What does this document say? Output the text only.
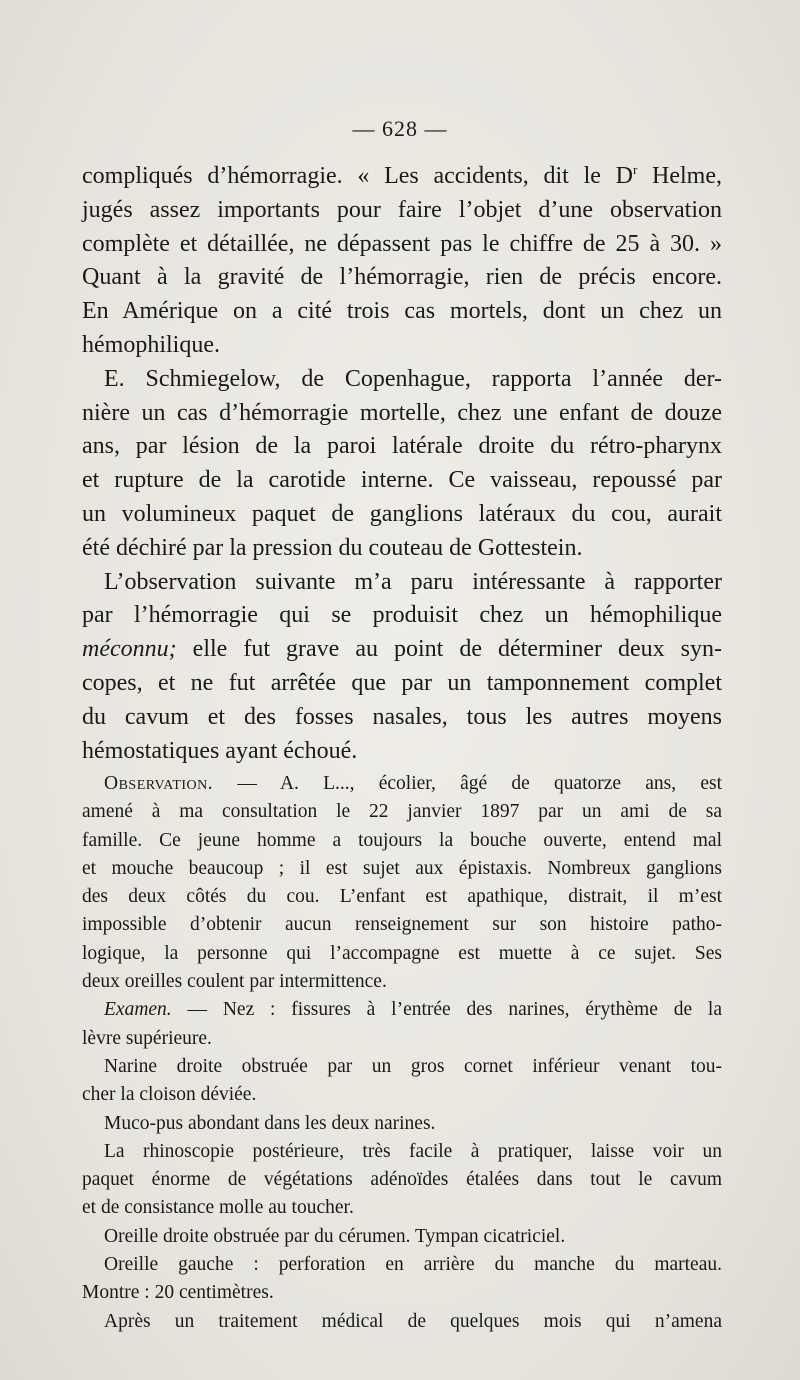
— 628 —

compliqués d’hémorragie. « Les accidents, dit le $D^r$ Helme,
jugés assez importants pour faire l’objet d’une observation
complète et détaillée, ne dépassent pas le chiffre de 25 à 30. »
Quant à la gravité de l’hémorragie, rien de précis encore.
En Amérique on a cité trois cas mortels, dont un chez un
hémophilique.

E. Schmiegelow, de Copenhague, rapporta l’année der-
nière un cas d’hémorragie mortelle, chez une enfant de douze
ans, par lésion de la paroi latérale droite du rétro-pharynx
et rupture de la carotide interne. Ce vaisseau, repoussé par
un volumineux paquet de ganglions latéraux du cou, aurait
été déchiré par la pression du couteau de Gottestein.

L’observation suivante m’a paru intéressante à rapporter
par l’hémorragie qui se produisit chez un hémophilique
méconnu; elle fut grave au point de déterminer deux syn-
copes, et ne fut arrêtée que par un tamponnement complet
du cavum et des fosses nasales, tous les autres moyens
hémostatiques ayant échoué.

Observation. — A. L..., écolier, âgé de quatorze ans, est
amené à ma consultation le 22 janvier 1897 par un ami de sa
famille. Ce jeune homme a toujours la bouche ouverte, entend mal
et mouche beaucoup ; il est sujet aux épistaxis. Nombreux ganglions
des deux côtés du cou. L’enfant est apathique, distrait, il m’est
impossible d’obtenir aucun renseignement sur son histoire patho-
logique, la personne qui l’accompagne est muette à ce sujet. Ses
deux oreilles coulent par intermittence.

Examen. — Nez : fissures à l’entrée des narines, érythème de la
lèvre supérieure.

Narine droite obstruée par un gros cornet inférieur venant tou-
cher la cloison déviée.

Muco-pus abondant dans les deux narines.

La rhinoscopie postérieure, très facile à pratiquer, laisse voir un
paquet énorme de végétations adénoïdes étalées dans tout le cavum
et de consistance molle au toucher.

Oreille droite obstruée par du cérumen. Tympan cicatriciel.

Oreille gauche : perforation en arrière du manche du marteau.
Montre : 20 centimètres.

Après un traitement médical de quelques mois qui n’amena
